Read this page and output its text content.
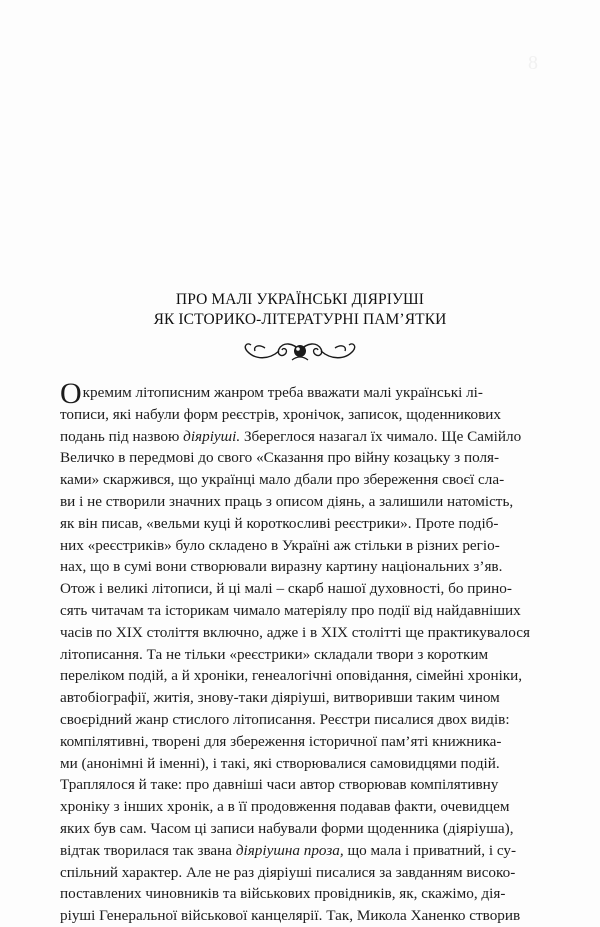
8
ПРО МАЛІ УКРАЇНСЬКІ ДІЯРІУШІ
ЯК ІСТОРИКО-ЛІТЕРАТУРНІ ПАМ’ЯТКИ
О кремим літописним жанром треба вважати малі українські лі-
тописи, які набули форм реєстрів, хронічок, записок, щоденникових
подань під назвою діяріуші. Збереглося назагал їх чимало. Ще Самійло
Величко в передмові до свого «Сказання про війну козацьку з поля-
ками» скаржився, що українці мало дбали про збереження своєї сла-
ви і не створили значних праць з описом діянь, а залишили натомість,
як він писав, «вельми куці й короткосливі реєстрики». Проте подіб-
них «реєстриків» було складено в Україні аж стільки в різних регіо-
нах, що в сумі вони створювали виразну картину національних з’яв.
Отож і великі літописи, й ці малі – скарб нашої духовності, бо прино-
сять читачам та історикам чимало матеріялу про події від найдавніших
часів по XIX століття включно, адже і в XIX столітті ще практикувалося
літописання. Та не тільки «реєстрики» складали твори з коротким
переліком подій, а й хроніки, генеалогічні оповідання, сімейні хроніки,
автобіографії, житія, знову-таки діяріуші, витворивши таким чином
своєрідний жанр стислого літописання. Реєстри писалися двох видів:
компілятивні, творені для збереження історичної пам’яті книжника-
ми (анонімні й іменні), і такі, які створювалися самовидцями подій.
Траплялося й таке: про давніші часи автор створював компілятивну
хроніку з інших хронік, а в її продовження подавав факти, очевидцем
яких був сам. Часом ці записи набували форми щоденника (діяріуша),
відтак творилася так звана діяріушна проза, що мала і приватний, і су-
спільний характер. Але не раз діяріуші писалися за завданням високо-
поставлених чиновників та військових провідників, як, скажімо, дія-
ріуші Генеральної військової канцелярії. Так, Микола Ханенко створив
